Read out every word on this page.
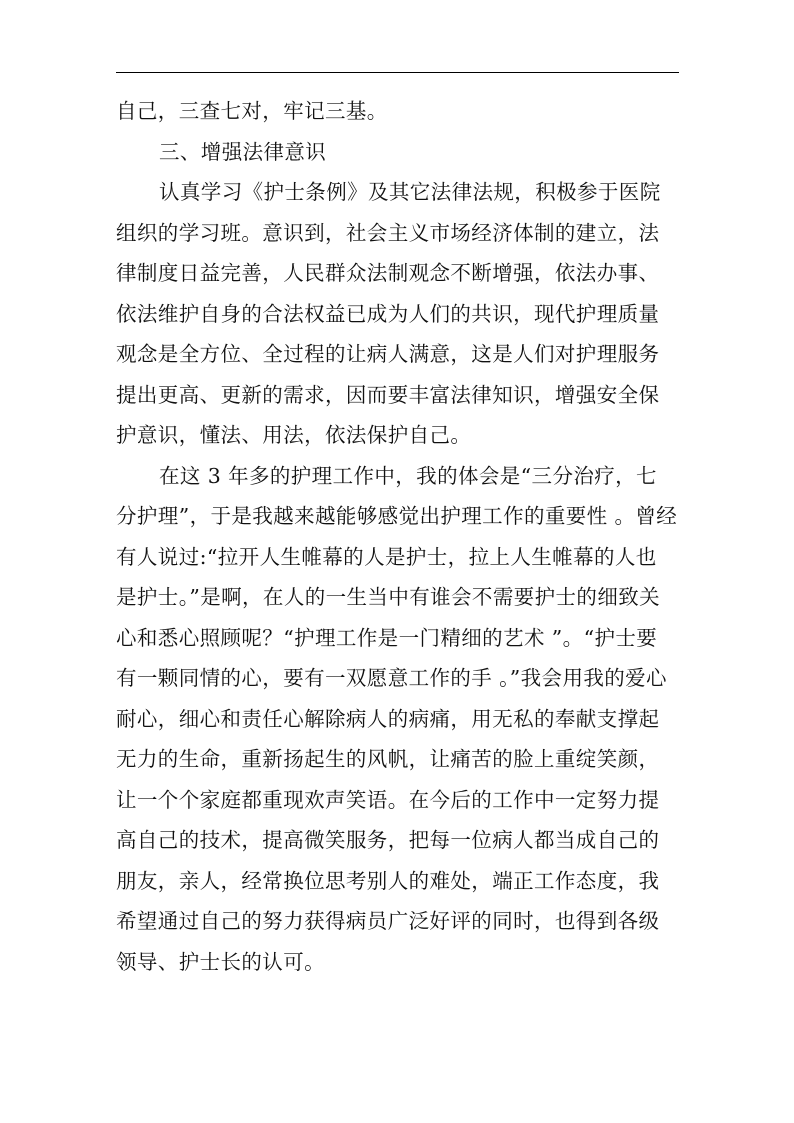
自己，三查七对，牢记三基。
三、增强法律意识
认真学习《护士条例》及其它法律法规，积极参于医院
组织的学习班。意识到，社会主义市场经济体制的建立，法
律制度日益完善，人民群众法制观念不断增强，依法办事、
依法维护自身的合法权益已成为人们的共识，现代护理质量
观念是全方位、全过程的让病人满意，这是人们对护理服务
提出更高、更新的需求，因而要丰富法律知识，增强安全保
护意识，懂法、用法，依法保护自己。
在这 3 年多的护理工作中，我的体会是“三分治疗，七
分护理”，于是我越来越能够感觉出护理工作的重要性 。曾经
有人说过:“拉开人生帷幕的人是护士，拉上人生帷幕的人也
是护士。”是啊，在人的一生当中有谁会不需要护士的细致关
心和悉心照顾呢？“护理工作是一门精细的艺术 ”。“护士要
有一颗同情的心，要有一双愿意工作的手 。”我会用我的爱心
耐心，细心和责任心解除病人的病痛，用无私的奉献支撑起
无力的生命，重新扬起生的风帆，让痛苦的脸上重绽笑颜，
让一个个家庭都重现欢声笑语。在今后的工作中一定努力提
高自己的技术，提高微笑服务，把每一位病人都当成自己的
朋友，亲人，经常换位思考别人的难处，端正工作态度，我
希望通过自己的努力获得病员广泛好评的同时，也得到各级
领导、护士长的认可。
